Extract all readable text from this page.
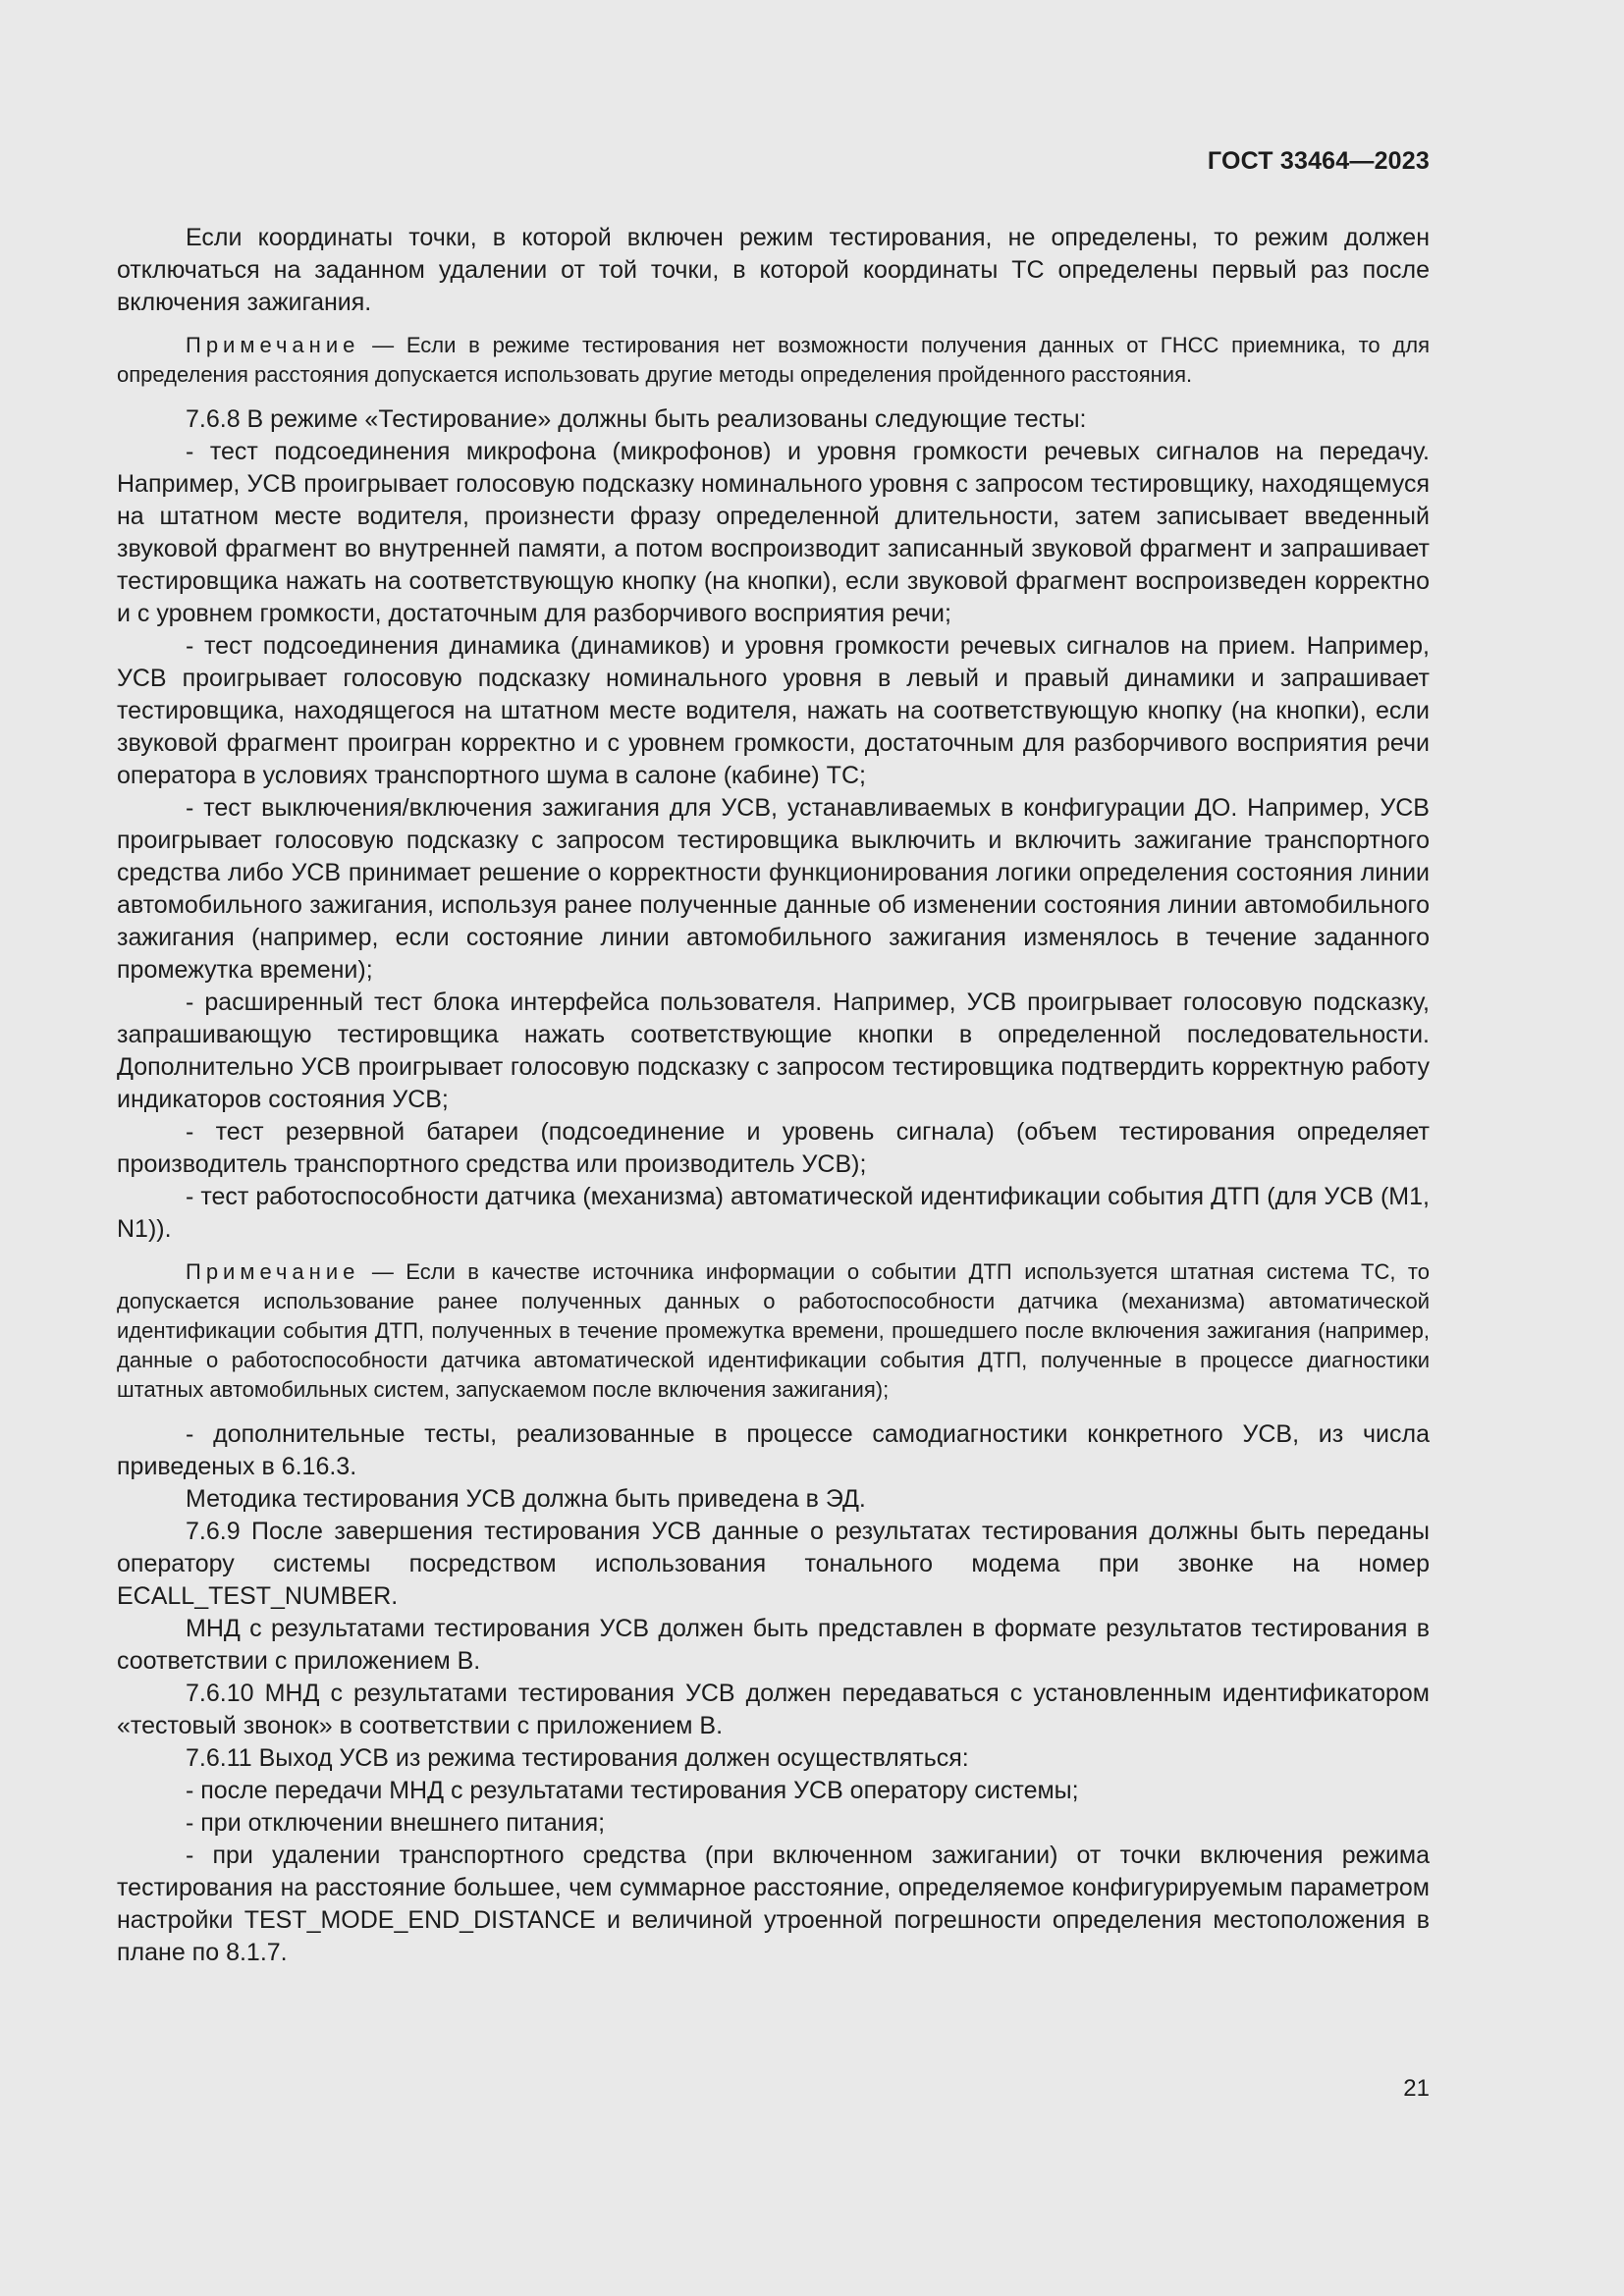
ГОСТ 33464—2023

Если координаты точки, в которой включен режим тестирования, не определены, то режим должен отключаться на заданном удалении от той точки, в которой координаты ТС определены первый раз после включения зажигания.

Примечание — Если в режиме тестирования нет возможности получения данных от ГНСС приемника, то для определения расстояния допускается использовать другие методы определения пройденного расстояния.

7.6.8 В режиме «Тестирование» должны быть реализованы следующие тесты:

- тест подсоединения микрофона (микрофонов) и уровня громкости речевых сигналов на передачу. Например, УСВ проигрывает голосовую подсказку номинального уровня с запросом тестировщику, находящемуся на штатном месте водителя, произнести фразу определенной длительности, затем записывает введенный звуковой фрагмент во внутренней памяти, а потом воспроизводит записанный звуковой фрагмент и запрашивает тестировщика нажать на соответствующую кнопку (на кнопки), если звуковой фрагмент воспроизведен корректно и с уровнем громкости, достаточным для разборчивого восприятия речи;

- тест подсоединения динамика (динамиков) и уровня громкости речевых сигналов на прием. Например, УСВ проигрывает голосовую подсказку номинального уровня в левый и правый динамики и запрашивает тестировщика, находящегося на штатном месте водителя, нажать на соответствующую кнопку (на кнопки), если звуковой фрагмент проигран корректно и с уровнем громкости, достаточным для разборчивого восприятия речи оператора в условиях транспортного шума в салоне (кабине) ТС;

- тест выключения/включения зажигания для УСВ, устанавливаемых в конфигурации ДО. Например, УСВ проигрывает голосовую подсказку с запросом тестировщика выключить и включить зажигание транспортного средства либо УСВ принимает решение о корректности функционирования логики определения состояния линии автомобильного зажигания, используя ранее полученные данные об изменении состояния линии автомобильного зажигания (например, если состояние линии автомобильного зажигания изменялось в течение заданного промежутка времени);

- расширенный тест блока интерфейса пользователя. Например, УСВ проигрывает голосовую подсказку, запрашивающую тестировщика нажать соответствующие кнопки в определенной последовательности. Дополнительно УСВ проигрывает голосовую подсказку с запросом тестировщика подтвердить корректную работу индикаторов состояния УСВ;

- тест резервной батареи (подсоединение и уровень сигнала) (объем тестирования определяет производитель транспортного средства или производитель УСВ);

- тест работоспособности датчика (механизма) автоматической идентификации события ДТП (для УСВ (М1, N1)).

Примечание — Если в качестве источника информации о событии ДТП используется штатная система ТС, то допускается использование ранее полученных данных о работоспособности датчика (механизма) автоматической идентификации события ДТП, полученных в течение промежутка времени, прошедшего после включения зажигания (например, данные о работоспособности датчика автоматической идентификации события ДТП, полученные в процессе диагностики штатных автомобильных систем, запускаемом после включения зажигания);

- дополнительные тесты, реализованные в процессе самодиагностики конкретного УСВ, из числа приведеных в 6.16.3.

Методика тестирования УСВ должна быть приведена в ЭД.

7.6.9 После завершения тестирования УСВ данные о результатах тестирования должны быть переданы оператору системы посредством использования тонального модема при звонке на номер ECALL_TEST_NUMBER.

МНД с результатами тестирования УСВ должен быть представлен в формате результатов тестирования в соответствии с приложением В.

7.6.10 МНД с результатами тестирования УСВ должен передаваться с установленным идентификатором «тестовый звонок» в соответствии с приложением В.

7.6.11 Выход УСВ из режима тестирования должен осуществляться:

- после передачи МНД с результатами тестирования УСВ оператору системы;

- при отключении внешнего питания;

- при удалении транспортного средства (при включенном зажигании) от точки включения режима тестирования на расстояние большее, чем суммарное расстояние, определяемое конфигурируемым параметром настройки TEST_MODE_END_DISTANCE и величиной утроенной погрешности определения местоположения в плане по 8.1.7.

21
